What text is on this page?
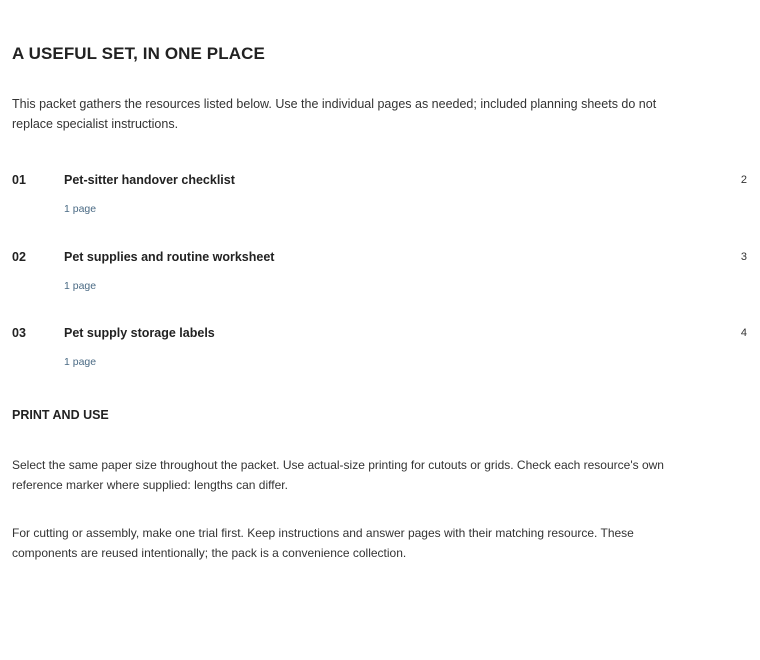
A USEFUL SET, IN ONE PLACE

This packet gathers the resources listed below. Use the individual pages as needed; included planning sheets do not replace specialist instructions.

01	Pet-sitter handover checklist	2
1 page
02	Pet supplies and routine worksheet	3
1 page
03	Pet supply storage labels	4
1 page
PRINT AND USE

Select the same paper size throughout the packet. Use actual-size printing for cutouts or grids. Check each resource's own reference marker where supplied: lengths can differ.

For cutting or assembly, make one trial first. Keep instructions and answer pages with their matching resource. These components are reused intentionally; the pack is a convenience collection.
